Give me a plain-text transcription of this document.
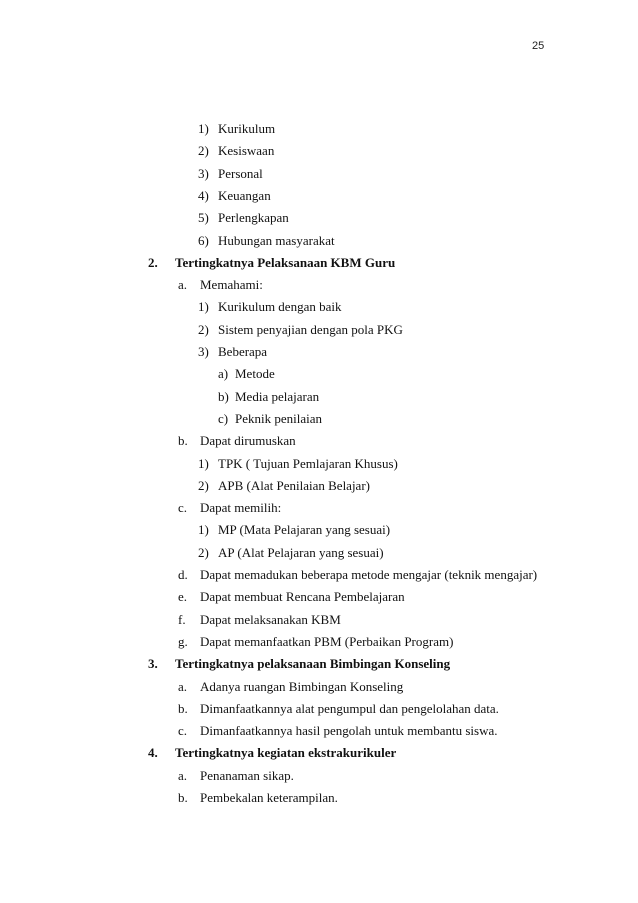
25
1) Kurikulum
2) Kesiswaan
3) Personal
4) Keuangan
5) Perlengkapan
6) Hubungan masyarakat
2. Tertingkatnya Pelaksanaan KBM Guru
a. Memahami:
1) Kurikulum dengan baik
2) Sistem penyajian dengan pola PKG
3) Beberapa
a) Metode
b) Media pelajaran
c) Peknik penilaian
b. Dapat dirumuskan
1) TPK ( Tujuan Pemlajaran Khusus)
2) APB (Alat Penilaian Belajar)
c. Dapat memilih:
1) MP (Mata Pelajaran yang sesuai)
2) AP (Alat Pelajaran yang sesuai)
d. Dapat memadukan beberapa metode mengajar (teknik mengajar)
e. Dapat membuat Rencana Pembelajaran
f. Dapat melaksanakan KBM
g. Dapat memanfaatkan PBM (Perbaikan Program)
3. Tertingkatnya pelaksanaan Bimbingan Konseling
a. Adanya ruangan Bimbingan Konseling
b. Dimanfaatkannya alat pengumpul dan pengelolahan data.
c. Dimanfaatkannya hasil pengolah untuk membantu siswa.
4. Tertingkatnya kegiatan ekstrakurikuler
a. Penanaman sikap.
b. Pembekalan keterampilan.
